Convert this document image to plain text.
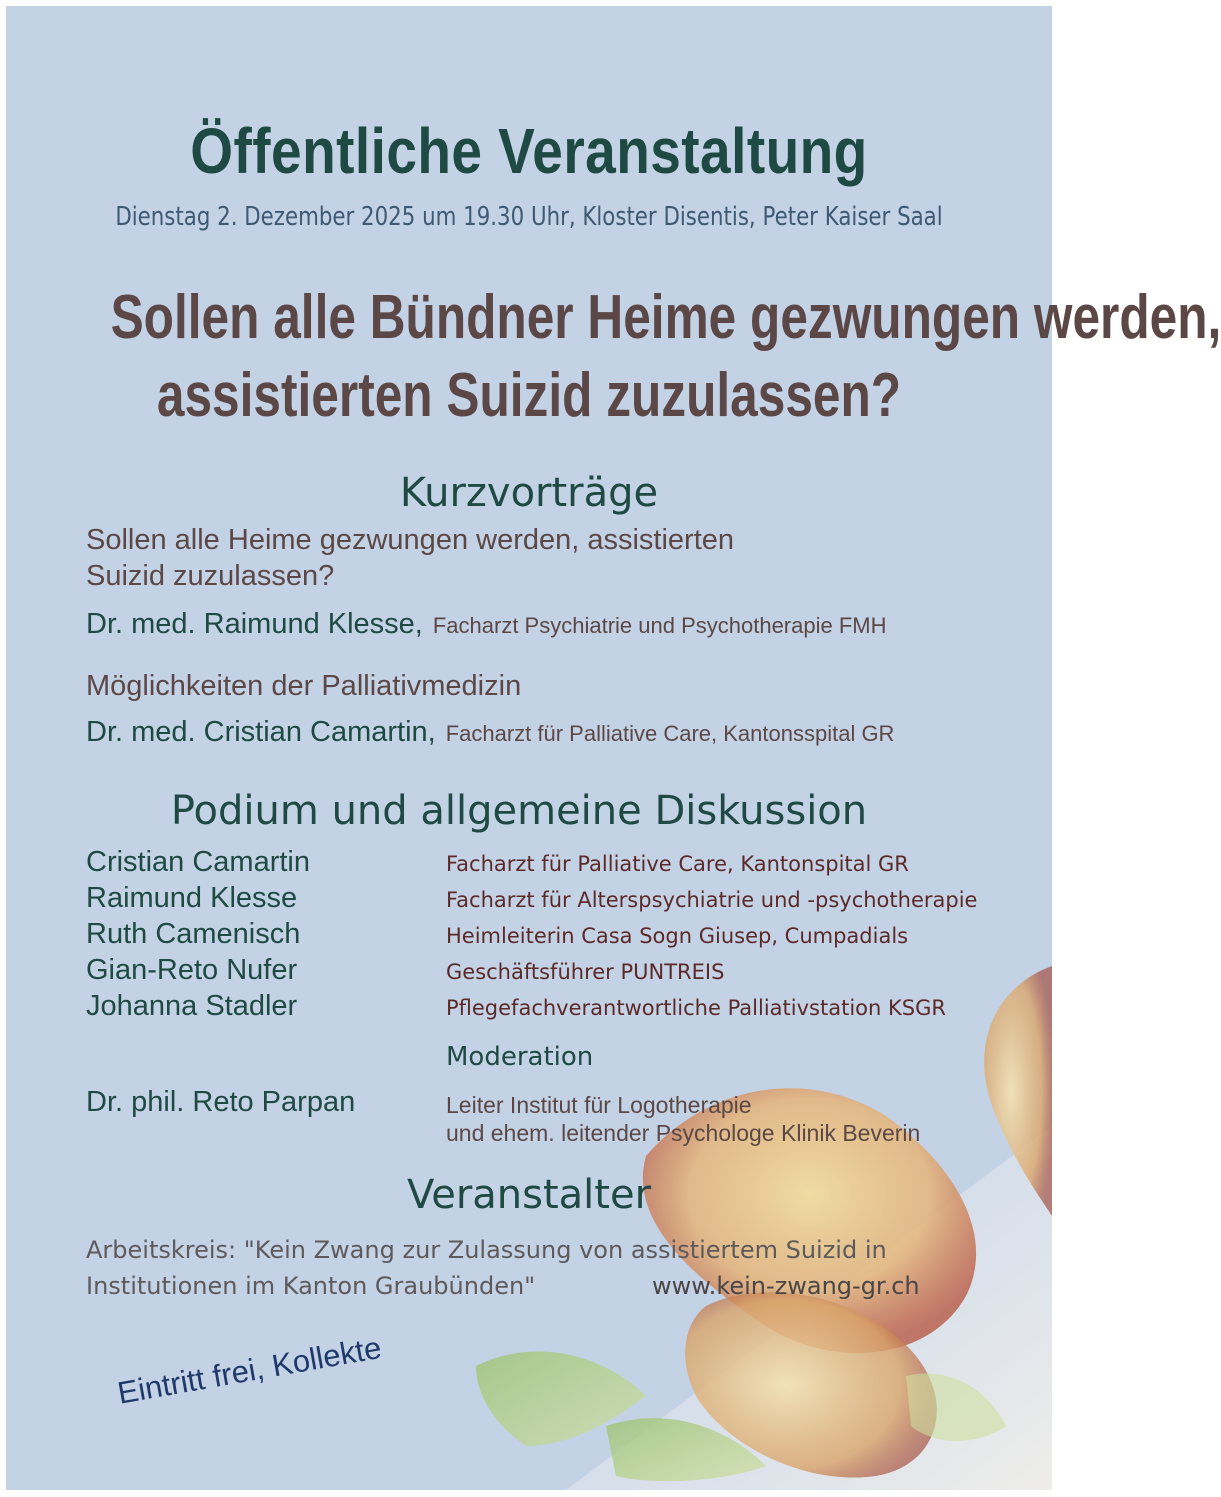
Öffentliche Veranstaltung
Dienstag 2. Dezember 2025 um 19.30 Uhr, Kloster Disentis, Peter Kaiser Saal
Sollen alle Bündner Heime gezwungen werden,
assistierten Suizid zuzulassen?
Kurzvorträge
Sollen alle Heime gezwungen werden, assistierten
Suizid zuzulassen?
Dr. med. Raimund Klesse, Facharzt Psychiatrie und Psychotherapie FMH
Möglichkeiten der Palliativmedizin
Dr. med. Cristian Camartin, Facharzt für Palliative Care, Kantonsspital GR
Podium und allgemeine Diskussion
Cristian Camartin	Facharzt für Palliative Care, Kantonspital GR
Raimund Klesse	Facharzt für Alterspsychiatrie und -psychotherapie
Ruth Camenisch	Heimleiterin Casa Sogn Giusep, Cumpadials
Gian-Reto Nufer	Geschäftsführer PUNTREIS
Johanna Stadler	Pflegefachverantwortliche Palliativstation KSGR
Moderation
Dr. phil. Reto Parpan	Leiter Institut für Logotherapie
und ehem. leitender Psychologe Klinik Beverin
Veranstalter
Arbeitskreis: "Kein Zwang zur Zulassung von assistiertem Suizid in
Institutionen im Kanton Graubünden"	www.kein-zwang-gr.ch
Eintritt frei, Kollekte
